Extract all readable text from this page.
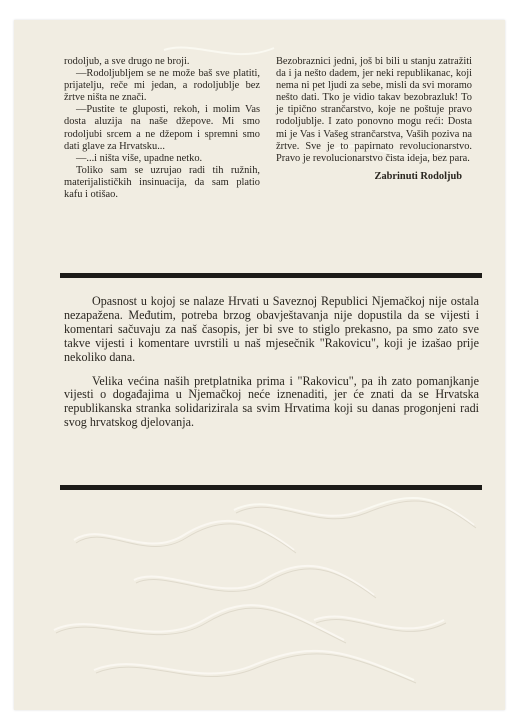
rodoljub, a sve drugo ne broji.

—Rodoljubljem se ne može baš sve platiti, prijatelju, reče mi jedan, a rodoljublje bez žrtve ništa ne znači.

—Pustite te gluposti, rekoh, i molim Vas dosta aluzija na naše džepove. Mi smo rodoljubi srcem a ne džepom i spremni smo dati glave za Hrvatsku...

—...i ništa više, upadne netko.

Toliko sam se uzrujao radi tih ružnih, materijalističkih insinuacija, da sam platio kafu i otišao.

Bezobraznici jedni, još bi bili u stanju zatražiti da i ja nešto dadem, jer neki republikanac, koji nema ni pet ljudi za sebe, misli da svi moramo nešto dati. Tko je vidio takav bezobrazluk! To je tipično strančarstvo, koje ne poštuje pravo rodoljublje. I zato ponovno mogu reći: Dosta mi je Vas i Vašeg strančarstva, Vaših poziva na žrtve. Sve je to papirnato revolucionarstvo. Pravo je revolucionarstvo čista ideja, bez para.

Zabrinuti Rodoljub

Opasnost u kojoj se nalaze Hrvati u Saveznoj Republici Njemačkoj nije ostala nezapažena. Međutim, potreba brzog obavještavanja nije dopustila da se vijesti i komentari sačuvaju za naš časopis, jer bi sve to stiglo prekasno, pa smo zato sve takve vijesti i komentare uvrstili u naš mjesečnik "Rakovicu", koji je izašao prije nekoliko dana.

Velika većina naših pretplatnika prima i "Rakovicu", pa ih zato pomanjkanje vijesti o događajima u Njemačkoj neće iznenaditi, jer će znati da se Hrvatska republikanska stranka solidarizirala sa svim Hrvatima koji su danas progonjeni radi svog hrvatskog djelovanja.
